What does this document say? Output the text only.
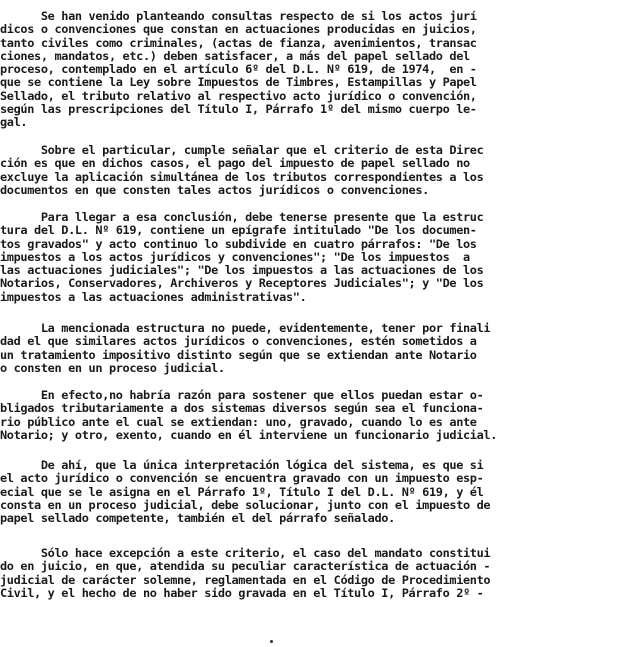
Se han venido planteando consultas respecto de si los actos jurí
dicos o convenciones que constan en actuaciones producidas en juicios,
tanto civiles como criminales, (actas de fianza, avenimientos, transac
ciones, mandatos, etc.) deben satisfacer, a más del papel sellado del
proceso, contemplado en el artículo 6º del D.L. Nº 619, de 1974,  en -
que se contiene la Ley sobre Impuestos de Timbres, Estampillas y Papel
Sellado, el tributo relativo al respectivo acto jurídico o convención,
según las prescripciones del Título I, Párrafo 1º del mismo cuerpo le-
gal.
Sobre el particular, cumple señalar que el criterio de esta Direc
ción es que en dichos casos, el pago del impuesto de papel sellado no
excluye la aplicación simultánea de los tributos correspondientes a los
documentos en que consten tales actos jurídicos o convenciones.
Para llegar a esa conclusión, debe tenerse presente que la estruc
tura del D.L. Nº 619, contiene un epígrafe intitulado "De los documen-
tos gravados" y acto continuo lo subdivide en cuatro párrafos: "De los
impuestos a los actos jurídicos y convenciones"; "De los impuestos  a
las actuaciones judiciales"; "De los impuestos a las actuaciones de los
Notarios, Conservadores, Archiveros y Receptores Judiciales"; y "De los
impuestos a las actuaciones administrativas".
La mencionada estructura no puede, evidentemente, tener por finali
dad el que similares actos jurídicos o convenciones, estén sometidos a
un tratamiento impositivo distinto según que se extiendan ante Notario
o consten en un proceso judicial.
En efecto,no habría razón para sostener que ellos puedan estar o-
bligados tributariamente a dos sistemas diversos según sea el funciona-
rio público ante el cual se extiendan: uno, gravado, cuando lo es ante
Notario; y otro, exento, cuando en él interviene un funcionario judicial.
De ahí, que la única interpretación lógica del sistema, es que si
el acto jurídico o convención se encuentra gravado con un impuesto esp-
ecial que se le asigna en el Párrafo 1º, Título I del D.L. Nº 619, y él
consta en un proceso judicial, debe solucionar, junto con el impuesto de
papel sellado competente, también el del párrafo señalado.
Sólo hace excepción a este criterio, el caso del mandato constitui
do en juicio, en que, atendida su peculiar característica de actuación -
judicial de carácter solemne, reglamentada en el Código de Procedimiento
Civil, y el hecho de no haber sido gravada en el Título I, Párrafo 2º -
